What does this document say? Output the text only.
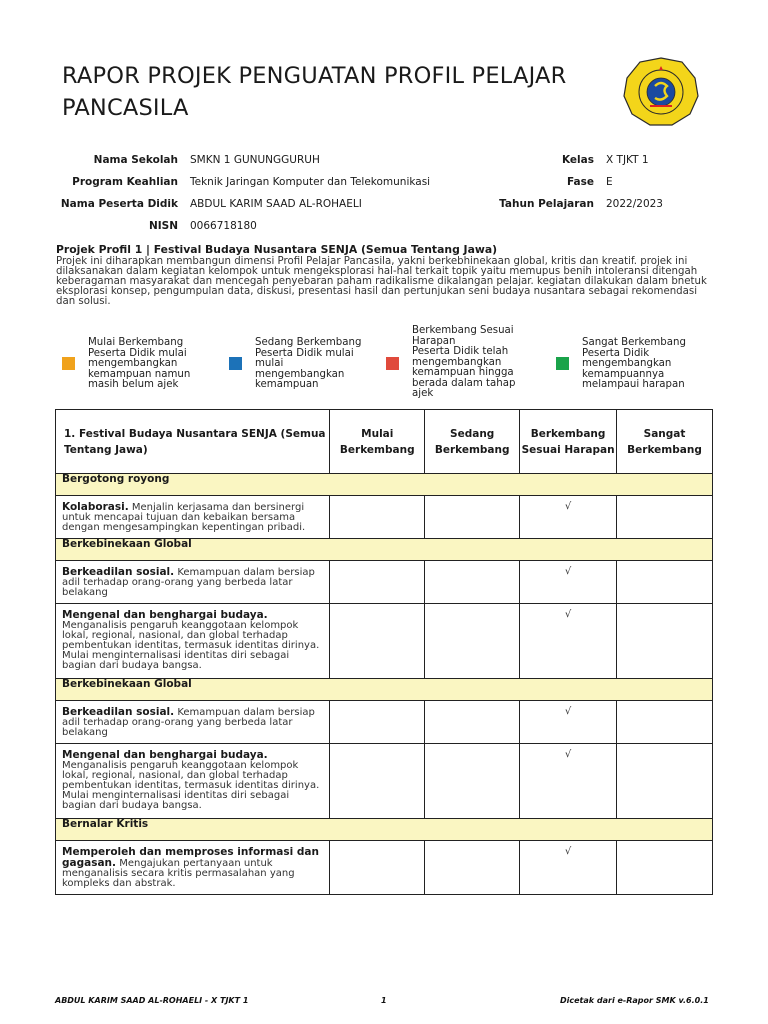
RAPOR PROJEK PENGUATAN PROFIL PELAJAR PANCASILA
Nama Sekolah	SMKN 1 GUNUNGGURUH
Program Keahlian	Teknik Jaringan Komputer dan Telekomunikasi
Nama Peserta Didik	ABDUL KARIM SAAD AL-ROHAELI
NISN	0066718180
Kelas	X TJKT 1
Fase	E
Tahun Pelajaran	2022/2023
Projek Profil 1 | Festival Budaya Nusantara SENJA (Semua Tentang Jawa)
Projek ini diharapkan membangun dimensi Profil Pelajar Pancasila, yakni berkebhinekaan global, kritis dan kreatif. projek ini dilaksanakan dalam kegiatan kelompok untuk mengeksplorasi hal-hal terkait topik yaitu memupus benih intoleransi ditengah keberagaman masyarakat dan mencegah penyebaran paham radikalisme dikalangan pelajar. kegiatan dilakukan dalam bnetuk eksplorasi konsep, pengumpulan data, diskusi, presentasi hasil dan pertunjukan seni budaya nusantara sebagai rekomendasi dan solusi.
Mulai Berkembang
Peserta Didik mulai mengembangkan kemampuan namun masih belum ajek
Sedang Berkembang
Peserta Didik mulai mulai mengembangkan kemampuan
Berkembang Sesuai Harapan
Peserta Didik telah mengembangkan kemampuan hingga berada dalam tahap ajek
Sangat Berkembang
Peserta Didik mengembangkan kemampuannya melampaui harapan
1. Festival Budaya Nusantara SENJA (Semua Tentang Jawa)	Mulai Berkembang	Sedang Berkembang	Berkembang Sesuai Harapan	Sangat Berkembang
Bergotong royong				
Kolaborasi. Menjalin kerjasama dan bersinergi untuk mencapai tujuan dan kebaikan bersama dengan mengesampingkan kepentingan pribadi.			√	
Berkebinekaan Global				
Berkeadilan sosial. Kemampuan dalam bersiap adil terhadap orang-orang yang berbeda latar belakang			√	
Mengenal dan benghargai budaya.
Menganalisis pengaruh keanggotaan kelompok lokal, regional, nasional, dan global terhadap pembentukan identitas, termasuk identitas dirinya. Mulai menginternalisasi identitas diri sebagai bagian dari budaya bangsa.			√	
Berkebinekaan Global				
Berkeadilan sosial. Kemampuan dalam bersiap adil terhadap orang-orang yang berbeda latar belakang			√	
Mengenal dan benghargai budaya.
Menganalisis pengaruh keanggotaan kelompok lokal, regional, nasional, dan global terhadap pembentukan identitas, termasuk identitas dirinya. Mulai menginternalisasi identitas diri sebagai bagian dari budaya bangsa.			√	
Bernalar Kritis				
Memperoleh dan memproses informasi dan gagasan. Mengajukan pertanyaan untuk menganalisis secara kritis permasalahan yang kompleks dan abstrak.			√	
ABDUL KARIM SAAD AL-ROHAELI - X TJKT 1	1	Dicetak dari e-Rapor SMK v.6.0.1
